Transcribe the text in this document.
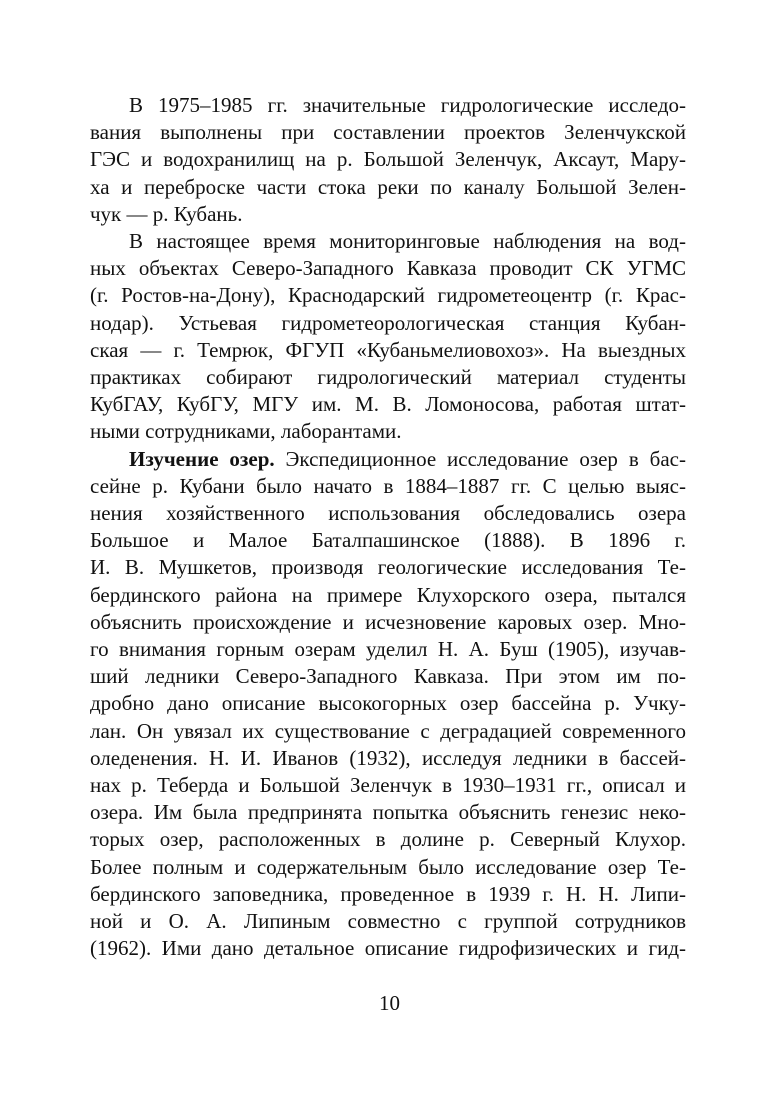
В 1975–1985 гг. значительные гидрологические исследо-
вания выполнены при составлении проектов Зеленчукской
ГЭС и водохранилищ на р. Большой Зеленчук, Аксаут, Мару-
ха и переброске части стока реки по каналу Большой Зелен-
чук — р. Кубань.

В настоящее время мониторинговые наблюдения на вод-
ных объектах Северо-Западного Кавказа проводит СК УГМС
(г. Ростов-на-Дону), Краснодарский гидрометеоцентр (г. Крас-
нодар). Устьевая гидрометеорологическая станция Кубан-
ская — г. Темрюк, ФГУП «Кубаньмелиовохоз». На выездных
практиках собирают гидрологический материал студенты
КубГАУ, КубГУ, МГУ им. М. В. Ломоносова, работая штат-
ными сотрудниками, лаборантами.

Изучение озер. Экспедиционное исследование озер в бас-
сейне р. Кубани было начато в 1884–1887 гг. С целью выяс-
нения хозяйственного использования обследовались озера
Большое и Малое Баталпашинское (1888). В 1896 г.
И. В. Мушкетов, производя геологические исследования Те-
бердинского района на примере Клухорского озера, пытался
объяснить происхождение и исчезновение каровых озер. Мно-
го внимания горным озерам уделил Н. А. Буш (1905), изучав-
ший ледники Северо-Западного Кавказа. При этом им по-
дробно дано описание высокогорных озер бассейна р. Учку-
лан. Он увязал их существование с деградацией современного
оледенения. Н. И. Иванов (1932), исследуя ледники в бассей-
нах р. Теберда и Большой Зеленчук в 1930–1931 гг., описал и
озера. Им была предпринята попытка объяснить генезис неко-
торых озер, расположенных в долине р. Северный Клухор.
Более полным и содержательным было исследование озер Те-
бердинского заповедника, проведенное в 1939 г. Н. Н. Липи-
ной и О. А. Липиным совместно с группой сотрудников
(1962). Ими дано детальное описание гидрофизических и гид-

10
